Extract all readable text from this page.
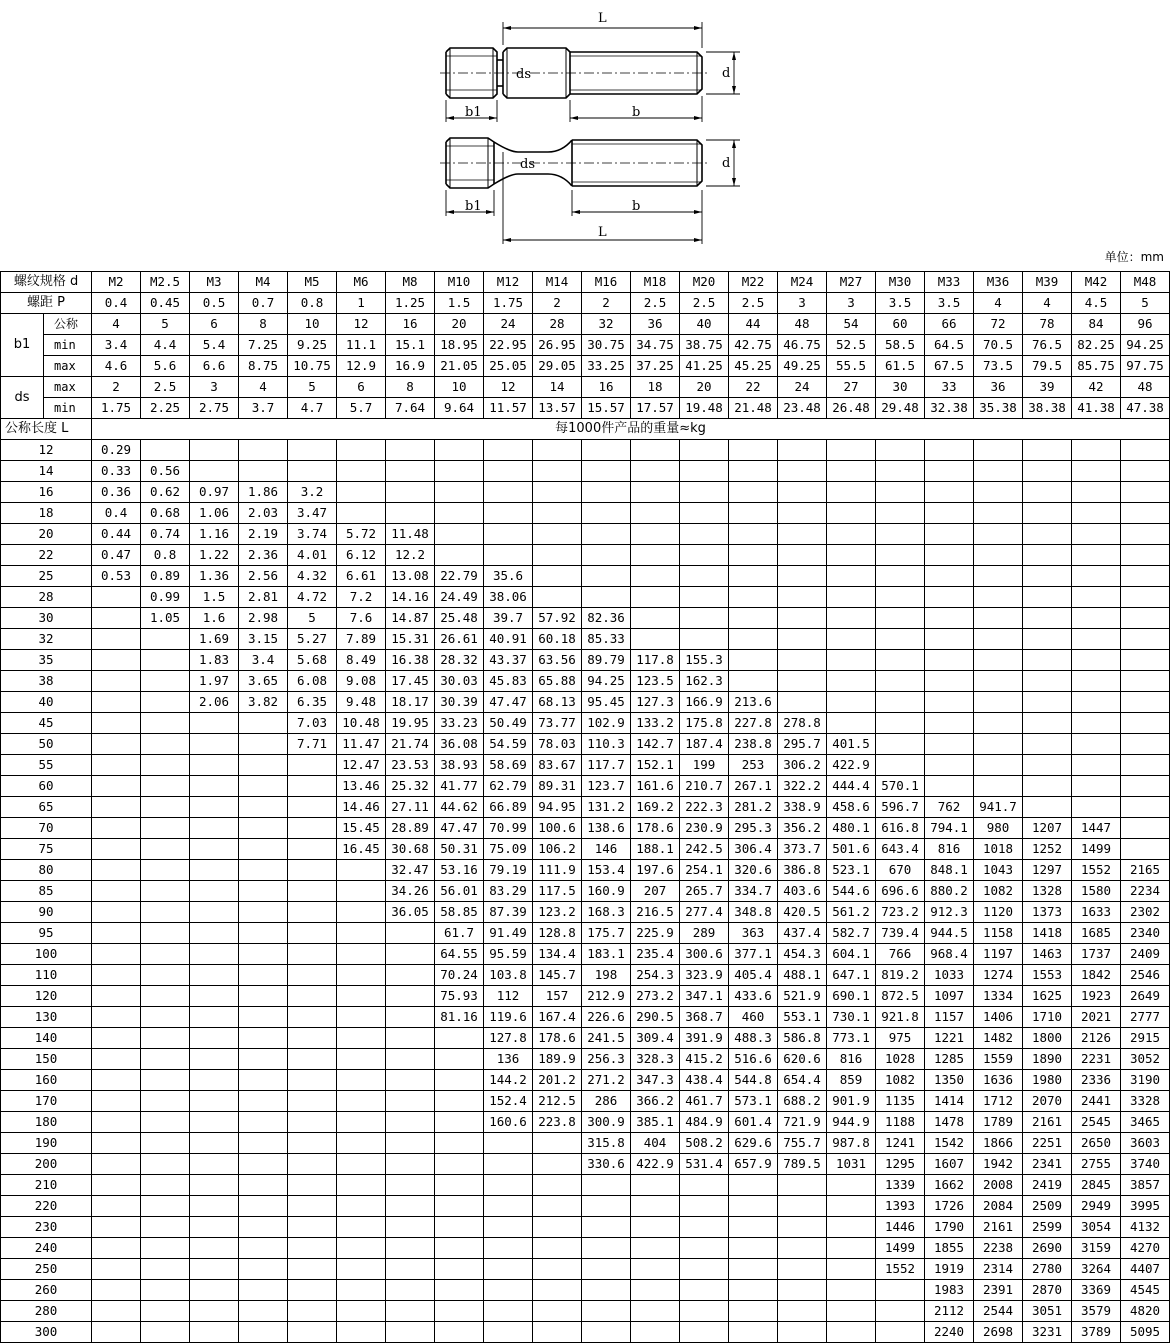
L
ds	d
b1	b
ds	d
b1	b
L
单位：mm
螺纹规格 d		M2	M2.5	M3	M4	M5	M6	M8	M10	M12	M14	M16	M18	M20	M22	M24	M27	M30	M33	M36	M39	M42	M48
螺距 P		0.4	0.45	0.5	0.7	0.8	1	1.25	1.5	1.75	2	2	2.5	2.5	2.5	3	3	3.5	3.5	4	4	4.5	5
b1	公称	4	5	6	8	10	12	16	20	24	28	32	36	40	44	48	54	60	66	72	78	84	96
	min	3.4	4.4	5.4	7.25	9.25	11.1	15.1	18.95	22.95	26.95	30.75	34.75	38.75	42.75	46.75	52.5	58.5	64.5	70.5	76.5	82.25	94.25
	max	4.6	5.6	6.6	8.75	10.75	12.9	16.9	21.05	25.05	29.05	33.25	37.25	41.25	45.25	49.25	55.5	61.5	67.5	73.5	79.5	85.75	97.75
ds	max	2	2.5	3	4	5	6	8	10	12	14	16	18	20	22	24	27	30	33	36	39	42	48
	min	1.75	2.25	2.75	3.7	4.7	5.7	7.64	9.64	11.57	13.57	15.57	17.57	19.48	21.48	23.48	26.48	29.48	32.38	35.38	38.38	41.38	47.38
公称长度 L		每1000件产品的重量≈kg																					
12		0.29																					
14		0.33	0.56																				
16		0.36	0.62	0.97	1.86	3.2																	
18		0.4	0.68	1.06	2.03	3.47																	
20		0.44	0.74	1.16	2.19	3.74	5.72	11.48															
22		0.47	0.8	1.22	2.36	4.01	6.12	12.2															
25		0.53	0.89	1.36	2.56	4.32	6.61	13.08	22.79	35.6													
28			0.99	1.5	2.81	4.72	7.2	14.16	24.49	38.06													
30			1.05	1.6	2.98	5	7.6	14.87	25.48	39.7	57.92	82.36											
32				1.69	3.15	5.27	7.89	15.31	26.61	40.91	60.18	85.33											
35				1.83	3.4	5.68	8.49	16.38	28.32	43.37	63.56	89.79	117.8	155.3									
38				1.97	3.65	6.08	9.08	17.45	30.03	45.83	65.88	94.25	123.5	162.3									
40				2.06	3.82	6.35	9.48	18.17	30.39	47.47	68.13	95.45	127.3	166.9	213.6								
45						7.03	10.48	19.95	33.23	50.49	73.77	102.9	133.2	175.8	227.8	278.8							
50						7.71	11.47	21.74	36.08	54.59	78.03	110.3	142.7	187.4	238.8	295.7	401.5						
55							12.47	23.53	38.93	58.69	83.67	117.7	152.1	199	253	306.2	422.9						
60							13.46	25.32	41.77	62.79	89.31	123.7	161.6	210.7	267.1	322.2	444.4	570.1					
65							14.46	27.11	44.62	66.89	94.95	131.2	169.2	222.3	281.2	338.9	458.6	596.7	762	941.7			
70							15.45	28.89	47.47	70.99	100.6	138.6	178.6	230.9	295.3	356.2	480.1	616.8	794.1	980	1207	1447	
75							16.45	30.68	50.31	75.09	106.2	146	188.1	242.5	306.4	373.7	501.6	643.4	816	1018	1252	1499	
80								32.47	53.16	79.19	111.9	153.4	197.6	254.1	320.6	386.8	523.1	670	848.1	1043	1297	1552	2165
85								34.26	56.01	83.29	117.5	160.9	207	265.7	334.7	403.6	544.6	696.6	880.2	1082	1328	1580	2234
90								36.05	58.85	87.39	123.2	168.3	216.5	277.4	348.8	420.5	561.2	723.2	912.3	1120	1373	1633	2302
95									61.7	91.49	128.8	175.7	225.9	289	363	437.4	582.7	739.4	944.5	1158	1418	1685	2340
100									64.55	95.59	134.4	183.1	235.4	300.6	377.1	454.3	604.1	766	968.4	1197	1463	1737	2409
110									70.24	103.8	145.7	198	254.3	323.9	405.4	488.1	647.1	819.2	1033	1274	1553	1842	2546
120									75.93	112	157	212.9	273.2	347.1	433.6	521.9	690.1	872.5	1097	1334	1625	1923	2649
130									81.16	119.6	167.4	226.6	290.5	368.7	460	553.1	730.1	921.8	1157	1406	1710	2021	2777
140										127.8	178.6	241.5	309.4	391.9	488.3	586.8	773.1	975	1221	1482	1800	2126	2915
150										136	189.9	256.3	328.3	415.2	516.6	620.6	816	1028	1285	1559	1890	2231	3052
160										144.2	201.2	271.2	347.3	438.4	544.8	654.4	859	1082	1350	1636	1980	2336	3190
170										152.4	212.5	286	366.2	461.7	573.1	688.2	901.9	1135	1414	1712	2070	2441	3328
180										160.6	223.8	300.9	385.1	484.9	601.4	721.9	944.9	1188	1478	1789	2161	2545	3465
190												315.8	404	508.2	629.6	755.7	987.8	1241	1542	1866	2251	2650	3603
200												330.6	422.9	531.4	657.9	789.5	1031	1295	1607	1942	2341	2755	3740
210																		1339	1662	2008	2419	2845	3857
220																		1393	1726	2084	2509	2949	3995
230																		1446	1790	2161	2599	3054	4132
240																		1499	1855	2238	2690	3159	4270
250																		1552	1919	2314	2780	3264	4407
260																			1983	2391	2870	3369	4545
280																			2112	2544	3051	3579	4820
300																			2240	2698	3231	3789	5095
